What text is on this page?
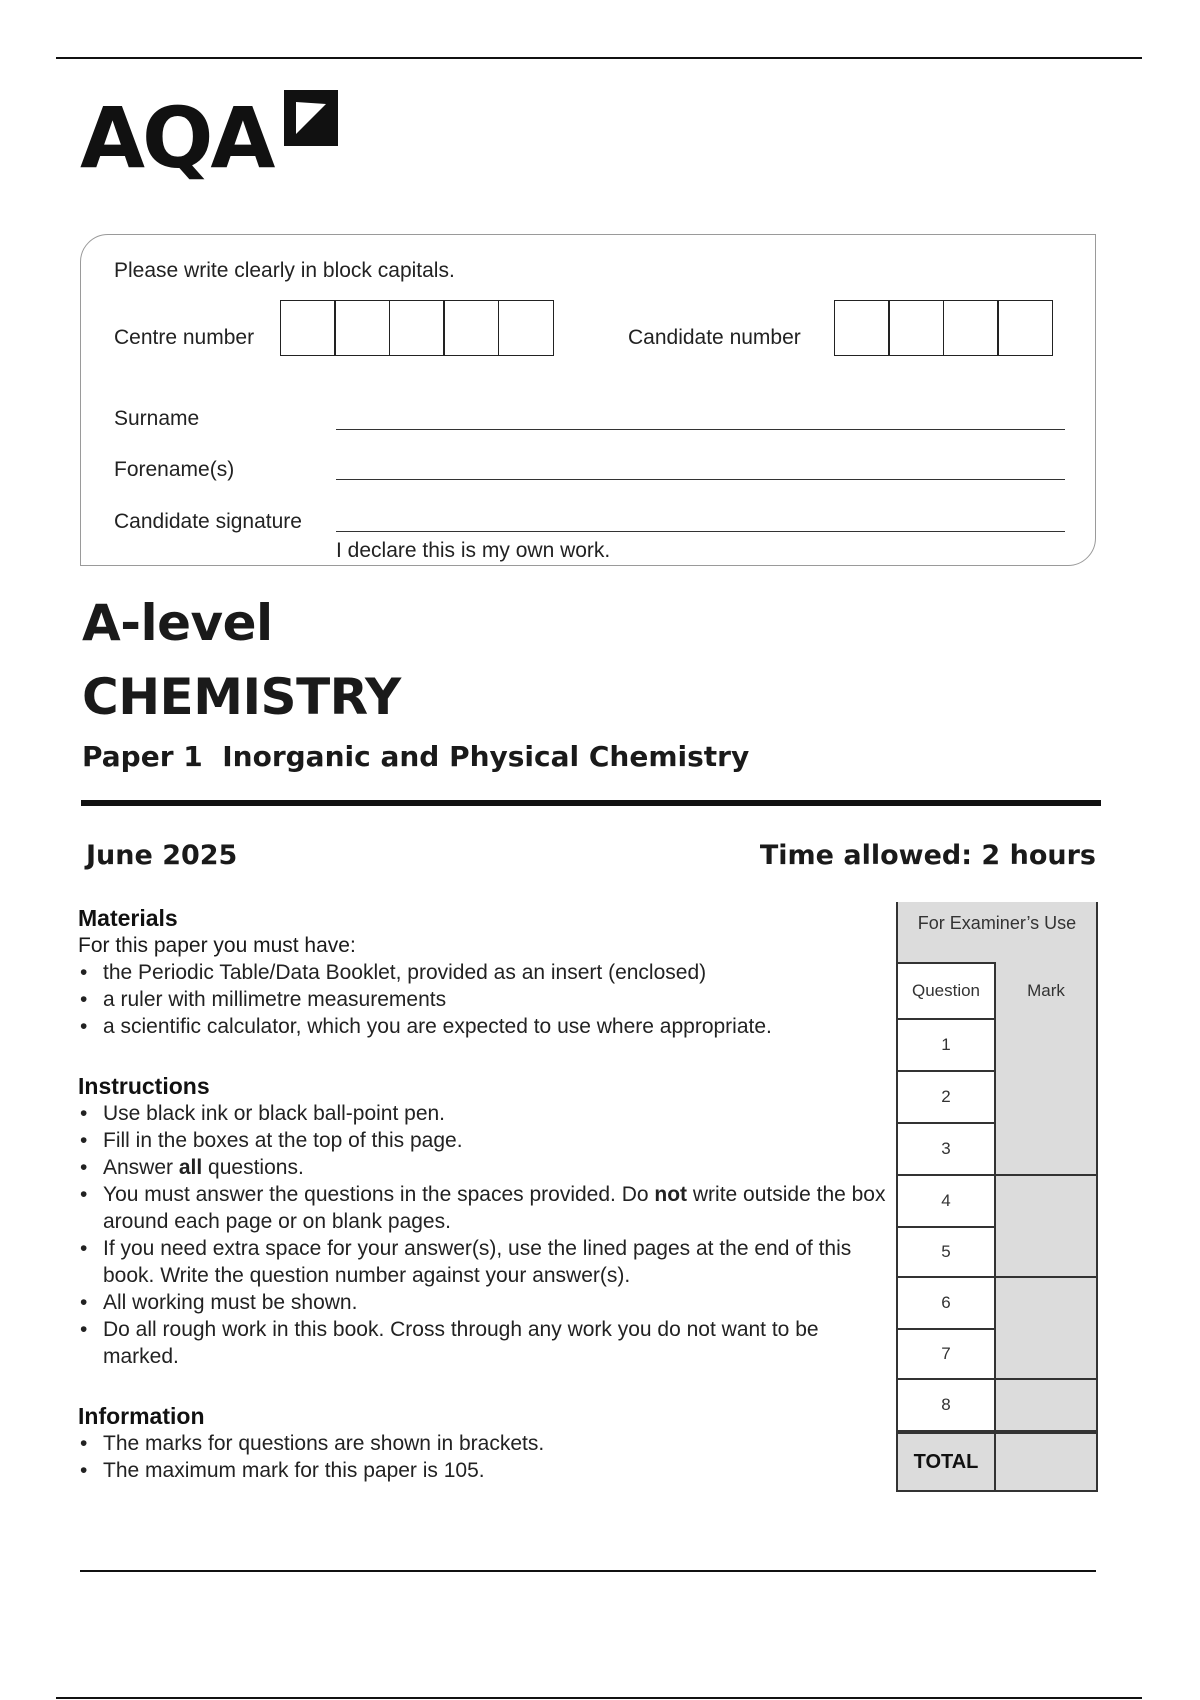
AQA
Please write clearly in block capitals.
Centre number	Candidate number
Surname
Forename(s)
Candidate signature
I declare this is my own work.
A-level
CHEMISTRY
Paper 1  Inorganic and Physical Chemistry
June 2025	Time allowed: 2 hours
Materials
For this paper you must have:
• the Periodic Table/Data Booklet, provided as an insert (enclosed)
• a ruler with millimetre measurements
• a scientific calculator, which you are expected to use where appropriate.
Instructions
• Use black ink or black ball-point pen.
• Fill in the boxes at the top of this page.
• Answer all questions.
• You must answer the questions in the spaces provided. Do not write outside the box around each page or on blank pages.
• If you need extra space for your answer(s), use the lined pages at the end of this book. Write the question number against your answer(s).
• All working must be shown.
• Do all rough work in this book. Cross through any work you do not want to be marked.
Information
• The marks for questions are shown in brackets.
• The maximum mark for this paper is 105.
For Examiner’s Use
Question	Mark
1
2
3
4
5
6
7
8
TOTAL
